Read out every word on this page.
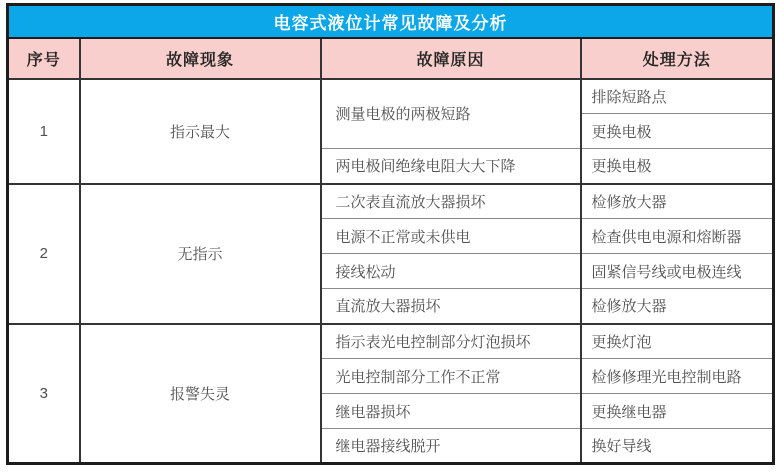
电容式液位计常见故障及分析			
序号	故障现象	故障原因	处理方法
1	指示最大	测量电极的两极短路	排除短路点
			更换电极
		两电极间绝缘电阻大大下降	更换电极
2	无指示	二次表直流放大器损坏	检修放大器
		电源不正常或未供电	检查供电电源和熔断器
		接线松动	固紧信号线或电极连线
		直流放大器损坏	检修放大器
3	报警失灵	指示表光电控制部分灯泡损坏	更换灯泡
		光电控制部分工作不正常	检修修理光电控制电路
		继电器损坏	更换继电器
		继电器接线脱开	换好导线
